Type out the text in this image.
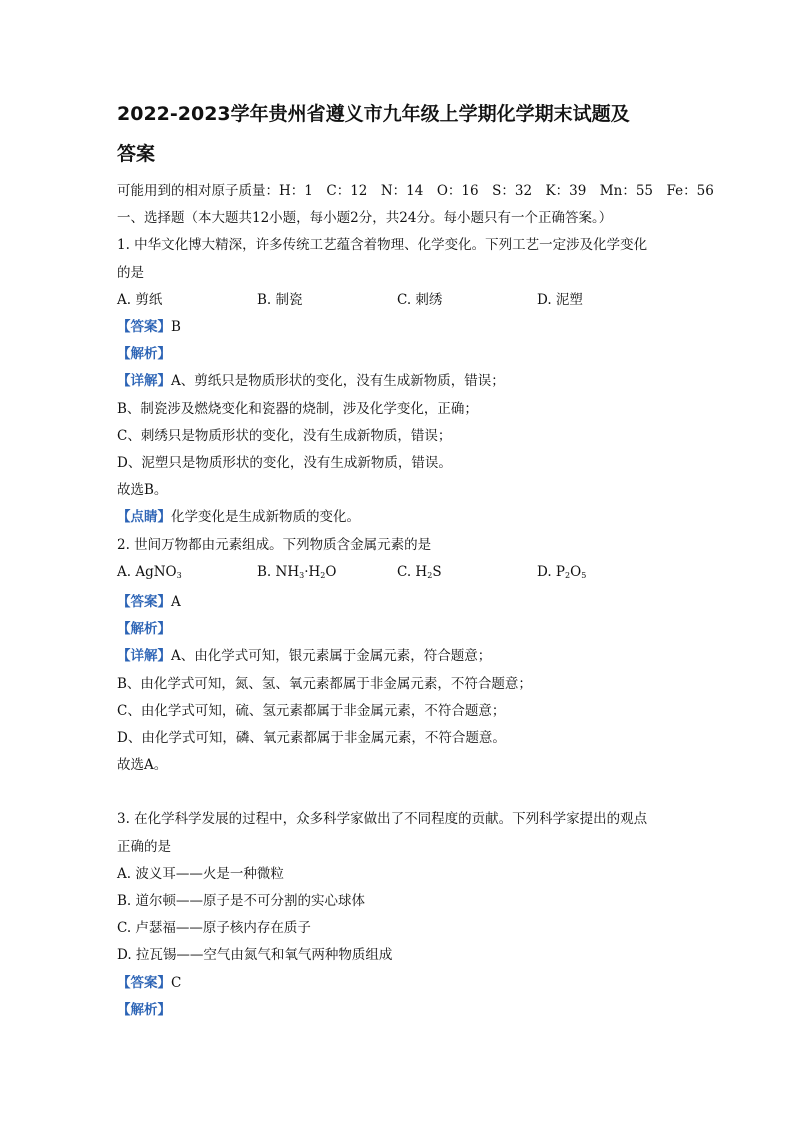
2022-2023学年贵州省遵义市九年级上学期化学期末试题及
答案
可能用到的相对原子质量：H：1　C：12　N：14　O：16　S：32　K：39　Mn：55　Fe：56
一、选择题（本大题共12小题，每小题2分，共24分。每小题只有一个正确答案。）
1. 中华文化博大精深，许多传统工艺蕴含着物理、化学变化。下列工艺一定涉及化学变化
的是
A. 剪纸	B. 制瓷	C. 刺绣	D. 泥塑
【答案】B
【解析】
【详解】A、剪纸只是物质形状的变化，没有生成新物质，错误；
B、制瓷涉及燃烧变化和瓷器的烧制，涉及化学变化，正确；
C、刺绣只是物质形状的变化，没有生成新物质，错误；
D、泥塑只是物质形状的变化，没有生成新物质，错误。
故选B。
【点睛】化学变化是生成新物质的变化。
2. 世间万物都由元素组成。下列物质含金属元素的是
A. AgNO$_3$	B. $NH_3\cdot H_2O$	C. $H_2S$	D. $P_2O_5$
【答案】A
【解析】
【详解】A、由化学式可知，银元素属于金属元素，符合题意；
B、由化学式可知，氮、氢、氧元素都属于非金属元素，不符合题意；
C、由化学式可知，硫、氢元素都属于非金属元素，不符合题意；
D、由化学式可知，磷、氧元素都属于非金属元素，不符合题意。
故选A。
3. 在化学科学发展的过程中，众多科学家做出了不同程度的贡献。下列科学家提出的观点
正确的是
A. 波义耳——火是一种微粒
B. 道尔顿——原子是不可分割的实心球体
C. 卢瑟福——原子核内存在质子
D. 拉瓦锡——空气由氮气和氧气两种物质组成
【答案】C
【解析】
